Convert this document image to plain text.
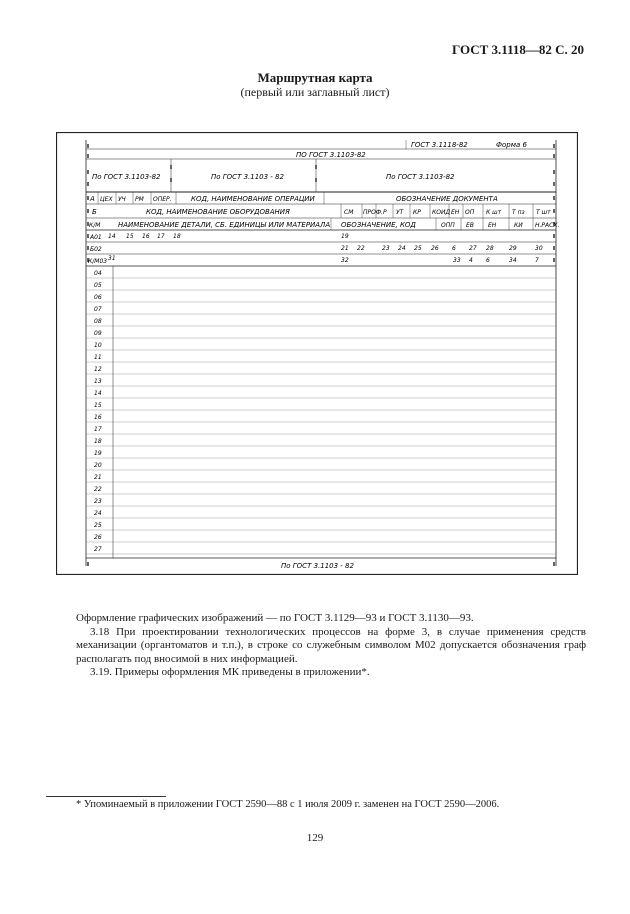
ГОСТ 3.1118—82 С. 20
Маршрутная карта
(первый или заглавный лист)
ГОСТ 3.1118-82	Форма 6
ПО ГОСТ 3.1103-82
По ГОСТ 3.1103-82	По ГОСТ 3.1103 - 82	По ГОСТ 3.1103-82
А ЦЕХ УЧ РМ ОПЕР.	КОД, НАИМЕНОВАНИЕ ОПЕРАЦИИ	ОБОЗНАЧЕНИЕ ДОКУМЕНТА
Б	КОД, НАИМЕНОВАНИЕ ОБОРУДОВАНИЯ	СМ ПРОФ. Р УТ КР КОИД ЕН ОП К шт Т пз Т шт
К/М	НАИМЕНОВАНИЕ ДЕТАЛИ, СБ. ЕДИНИЦЫ ИЛИ МАТЕРИАЛА ОБОЗНАЧЕНИЕ, КОД	ОПП ЕВ ЕН	КИ Н.РАСХ.
А01 14 15 16 17 18	19
Б02	21 22	23 24 25 26 6 27 28	29	30
К/М03 31	32	33 4 6	34	7
04
05
06
07
08
09
10
11
12
13
14
15
16
17
18
19
20
21
22
23
24
25
26
27
По ГОСТ 3.1103 - 82

Оформление графических изображений — по ГОСТ 3.1129—93 и ГОСТ 3.1130—93.

3.18 При проектировании технологических процессов на форме 3, в случае применения средств механизации (органтоматов и т.п.), в строке со служебным символом М02 допускается обозначения граф располагать под вносимой в них информацией.

3.19. Примеры оформления МК приведены в приложении*.

* Упоминаемый в приложении ГОСТ 2590—88 с 1 июля 2009 г. заменен на ГОСТ 2590—2006.
129
